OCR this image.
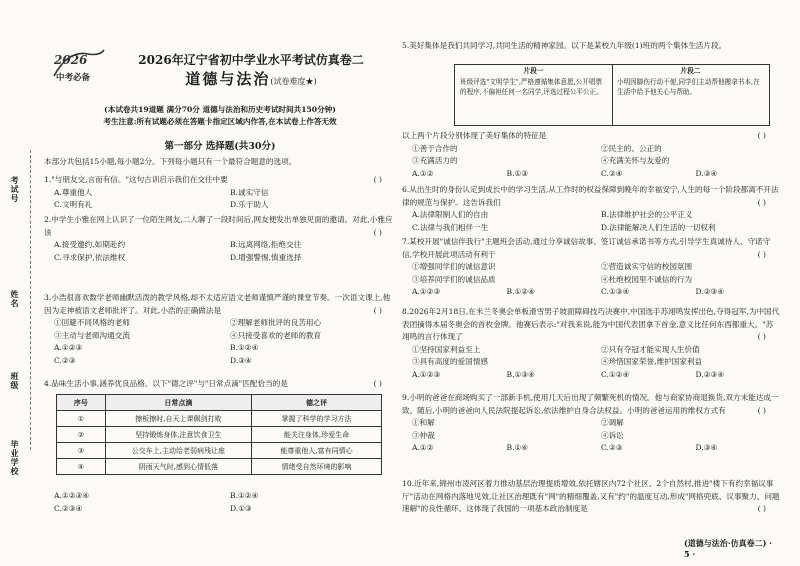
考试号
姓名
班级
毕业学校
2026
中考必备
2026年辽宁省初中学业水平考试仿真卷二
道德与法治(试卷难度★)
(本试卷共19道题 满分70分 道德与法治和历史考试时间共150分钟)
考生注意:所有试题必须在答题卡指定区域内作答,在本试卷上作答无效
第一部分 选择题(共30分)
本部分共包括15小题,每小题2分。下列每小题只有一个最符合题意的选项。
1."与朋友交,言而有信。"这句古训启示我们在交往中要	( )
A.尊重他人	B.诚实守信
C.文明有礼	D.乐于助人
2.中学生小雅在网上认识了一位陌生网友,二人聊了一段时间后,网友便发出单独见面的邀请。对此,小雅应该	( )
A.接受邀约,如期赴约	B.远离网络,拒绝交往
C.寻求保护,依法维权	D.增强警惕,慎重选择
3.小浩很喜欢数学老师幽默活泼的教学风格,却不太适应语文老师谨慎严谨的课堂节奏。一次语文课上,他因为走神被语文老师批评了。对此,小浩的正确做法是	( )
①回避不同风格的老师	②理解老师批评的良苦用心
③主动与老师沟通交流	④只接受喜欢的老师的教育
A.①②③	B.①②④
C.②③	D.③④
4.品味生活小事,涵养优良品格。以下"德之评"与"日常点滴"匹配恰当的是	( )
序号	日常点滴	德之评
①	擦板擦时,自天上课佩剑打败	掌握了科学的学习方法
②	坚持锻炼身体,注意饮食卫生	能关注身体,珍爱生命
③	公交车上,主动给老弱病残让座	能尊重他人,富有同情心
④	阴雨天气时,感到心情低落	情绪受自然环境的影响
A.①②③④	B.①②④
C.②③④	D.①③
5.美好集体是我们共同学习,共同生活的精神家园。以下是某校九年级(1)班的两个集体生活片段。
片段一
班级评选"文明学生",严格遵循集体意愿,公开唱票的程序,不偏袒任何一名同学,评选过程公平公正。
片段二
小明因脚伤行动不便,同学们主动帮他搬拿书本,在生活中给予他关心与帮助。
以上两个片段分别体现了美好集体的特征是	( )
①善于合作的	②民主的、公正的
③充满活力的	④充满关怀与友爱的
A.①②	B.①③	C.②④	D.③④
6.从出生时的身份认定到成长中的学习生活,从工作时的权益保障到晚年的幸福安宁,人生的每一个阶段都离不开法律的规范与保护。这告诉我们	( )
A.法律限制人们的自由	B.法律维护社会的公平正义
C.法律与我们相伴一生	D.法律能解决人们生活的一切权利
7.某校开展"诚信伴我行"主题班会活动,通过分享诚信故事、签订诚信承诺书等方式,引导学生真诚待人、守诺守信,学校开展此项活动有利于	( )
①增强同学们的诚信意识	②营造诚实守信的校园氛围
③培养同学们的诚信品质	④杜绝校园里不诚信的行为
A.①②③	B.①②④	C.①③④	D.②③④
8.2026年2月18日,在米兰冬奥会单板滑雪男子坡面障碍技巧决赛中,中国选手苏翊鸣发挥出色,夺得冠军,为中国代表团摘得本届冬奥会的首枚金牌。他赛后表示:"对我来说,能为中国代表团拿下首金,意义比任何东西都重大。"苏翊鸣的言行体现了	( )
①坚持国家利益至上	②只有夺冠才能实现人生价值
③具有高度的爱国情感	④珍惜国家荣誉,维护国家利益
A.①②③	B.①③④	C.①②④	D.②③④
9.小明的爸爸在商场购买了一部新手机,使用几天后出现了频繁死机的情况。他与商家协商退换货,双方未能达成一致。随后,小明的爸爸向人民法院提起诉讼,依法维护自身合法权益。小明的爸爸运用的维权方式有	( )
①和解	②调解
③仲裁	④诉讼
A.①②	B.①④	C.②③	D.③④
10.近年来,锦州市凌河区着力推动基层治理提质增效,依托辖区内72个社区、2个自然村,推进"楼下有约幸福议事厅"活动在网格内落地见效,让社区治理既有"网"的精细覆盖,又有"约"的温度互动,形成"网格兜底、议事聚力、问题速解"的良性循环。这体现了我国的一项基本政治制度是	( )
(道德与法治·仿真卷二) · 5 ·
